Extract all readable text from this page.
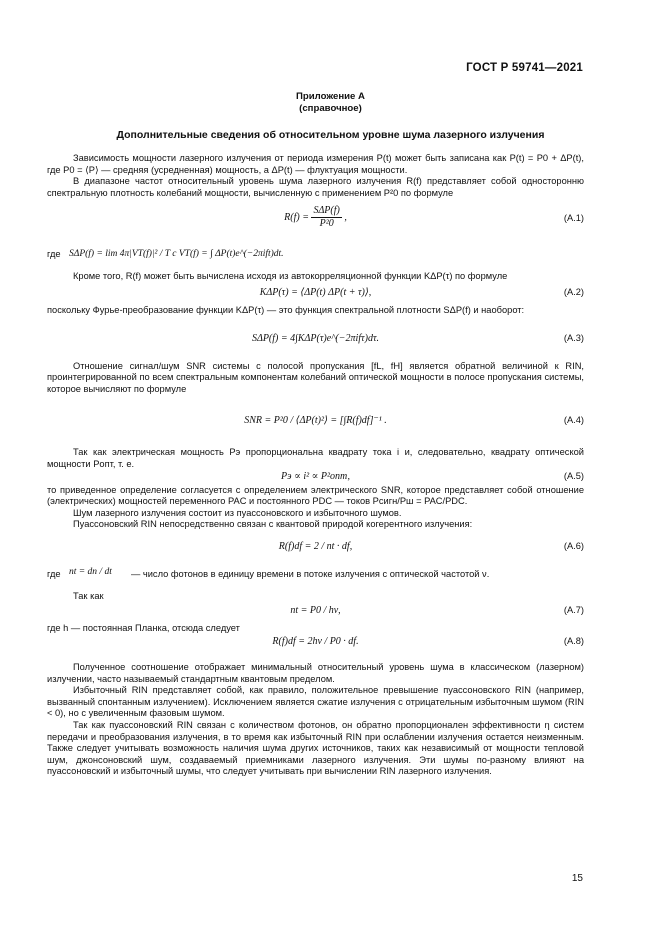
ГОСТ Р 59741—2021
Приложение А
(справочное)
Дополнительные сведения об относительном уровне шума лазерного излучения

Зависимость мощности лазерного излучения от периода измерения P(t) может быть записана как P(t) = P0 + ΔP(t), где P0 = ⟨P⟩ — средняя (усредненная) мощность, а ΔP(t) — флуктуация мощности.

В диапазоне частот относительный уровень шума лазерного излучения R(f) представляет собой односторонню спектральную плотность колебаний мощности, вычисленную с применением P²0 по формуле

$R(f) = \frac{\text{SΔP(f)}}{\text{P²0}}$ ,	(A.1)
где SΔP(f) = lim 4π|VT(f)|² / T с VT(f) = ∫ ΔP(t)e^(−2πift)dt.

Кроме того, R(f) может быть вычислена исходя из автокорреляционной функции KΔP(τ) по формуле

KΔP(τ) = ⟨ΔP(t) ΔP(t + τ)⟩,	(A.2)

поскольку Фурье-преобразование функции KΔP(τ) — это функция спектральной плотности SΔP(f) и наоборот:

SΔP(f) = 4∫KΔP(τ)e^(−2πifτ)dτ.	(A.3)

Отношение сигнал/шум SNR системы с полосой пропускания [fL, fH] является обратной величиной к RIN, проинтегрированной по всем спектральным компонентам колебаний оптической мощности в полосе пропускания системы, которое вычисляют по формуле

SNR = P²0 / ⟨ΔP(t)²⟩ = [∫R(f)df]⁻¹ .	(A.4)

Так как электрическая мощность Pэ пропорциональна квадрату тока i и, следовательно, квадрату оптической мощности Pопт, т. е.

Pэ ∝ i² ∝ P²опт,	(A.5)

то приведенное определение согласуется с определением электрического SNR, которое представляет собой отношение (электрических) мощностей переменного PAC и постоянного PDC — токов Pсигн/Pш = PAC/PDC.

Шум лазерного излучения состоит из пуассоновского и избыточного шумов.

Пуассоновский RIN непосредственно связан с квантовой природой когерентного излучения:

R(f)df = 2 / nt · df,	(A.6)
где nt = dn / dt — число фотонов в единицу времени в потоке излучения с оптической частотой ν.

Так как

nt = P0 / hν,	(A.7)

где h — постоянная Планка, отсюда следует

R(f)df = 2hν / P0 · df.	(A.8)

Полученное соотношение отображает минимальный относительный уровень шума в классическом (лазерном) излучении, часто называемый стандартным квантовым пределом.

Избыточный RIN представляет собой, как правило, положительное превышение пуассоновского RIN (например, вызванный спонтанным излучением). Исключением является сжатие излучения с отрицательным избыточным шумом (RIN < 0), но с увеличенным фазовым шумом.

Так как пуассоновский RIN связан с количеством фотонов, он обратно пропорционален эффективности η систем передачи и преобразования излучения, в то время как избыточный RIN при ослаблении излучения остается неизменным. Также следует учитывать возможность наличия шума других источников, таких как независимый от мощности тепловой шум, джонсоновский шум, создаваемый приемниками лазерного излучения. Эти шумы по-разному влияют на пуассоновский и избыточный шумы, что следует учитывать при вычислении RIN лазерного излучения.

15
